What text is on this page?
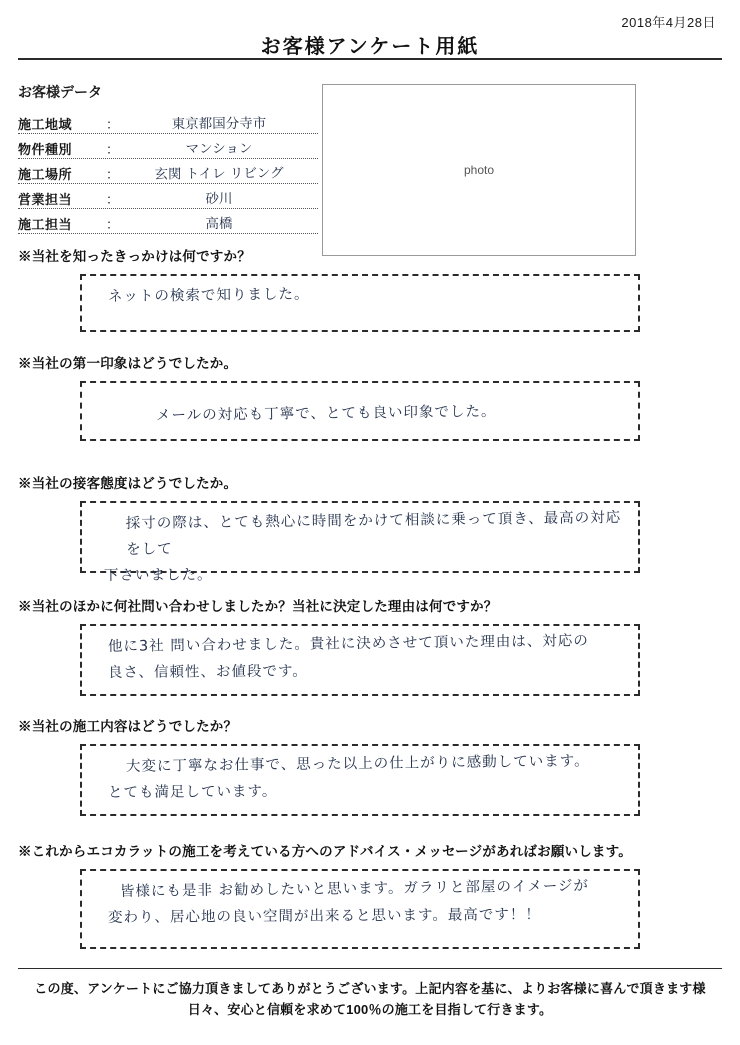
2018年4月28日
お客様アンケート用紙
お客様データ
施工地域	：	東京都国分寺市
物件種別	：	マンション
施工場所	：	玄関 トイレ リビング
営業担当	：	砂川
施工担当	：	高橋
photo
※当社を知ったきっかけは何ですか？
ネットの検索で知りました。
※当社の第一印象はどうでしたか。
メールの対応も丁寧で、とても良い印象でした。
※当社の接客態度はどうでしたか。
採寸の際は、とても熱心に時間をかけて相談に乗って頂き、最高の対応をして
下さいました。
※当社のほかに何社問い合わせしましたか？当社に決定した理由は何ですか？
他に3社 問い合わせました。貴社に決めさせて頂いた理由は、対応の
良さ、信頼性、お値段です。
※当社の施工内容はどうでしたか？
大変に丁寧なお仕事で、思った以上の仕上がりに感動しています。
とても満足しています。
※これからエコカラットの施工を考えている方へのアドバイス・メッセージがあればお願いします。
皆様にも是非 お勧めしたいと思います。ガラリと部屋のイメージが
変わり、居心地の良い空間が出来ると思います。最高です！！
この度、アンケートにご協力頂きましてありがとうございます。上記内容を基に、よりお客様に喜んで頂きます様
日々、安心と信頼を求めて100％の施工を目指して行きます。
